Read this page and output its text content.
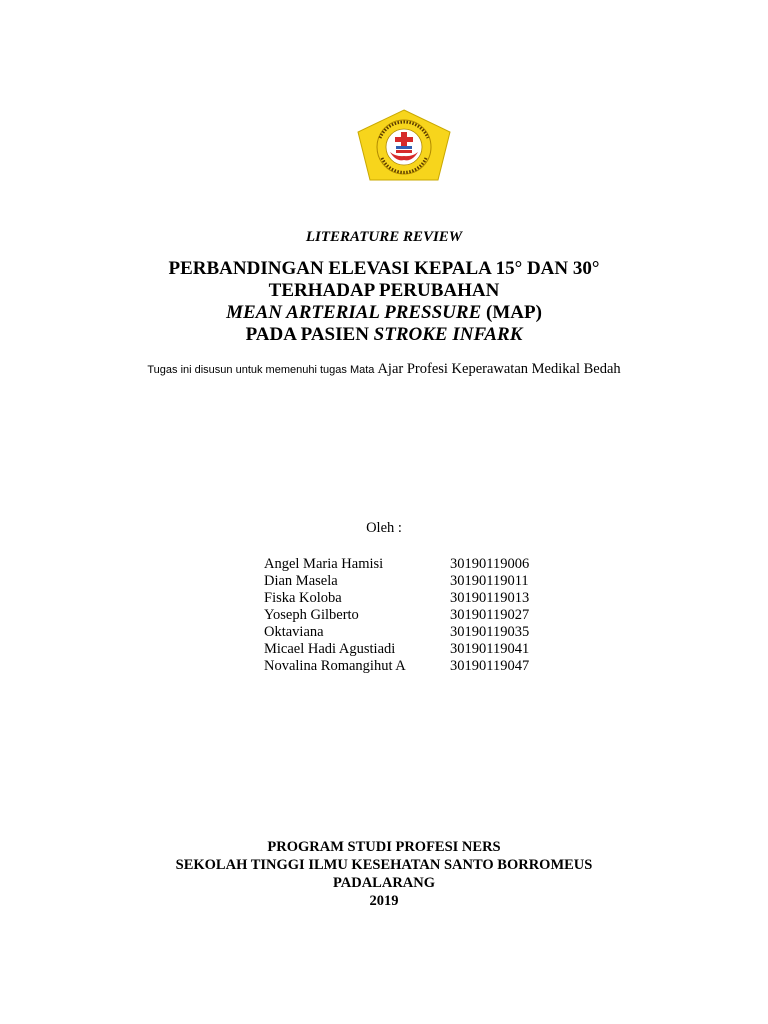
LITERATURE REVIEW
PERBANDINGAN ELEVASI KEPALA 15° DAN 30°
TERHADAP PERUBAHAN
MEAN ARTERIAL PRESSURE (MAP)
PADA PASIEN STROKE INFARK
Tugas ini disusun untuk memenuhi tugas Mata Ajar Profesi Keperawatan Medikal Bedah
Oleh :
Angel Maria Hamisi	30190119006
Dian Masela	30190119011
Fiska Koloba	30190119013
Yoseph Gilberto	30190119027
Oktaviana	30190119035
Micael Hadi Agustiadi	30190119041
Novalina Romangihut A	30190119047
PROGRAM STUDI PROFESI NERS
SEKOLAH TINGGI ILMU KESEHATAN SANTO BORROMEUS
PADALARANG
2019
